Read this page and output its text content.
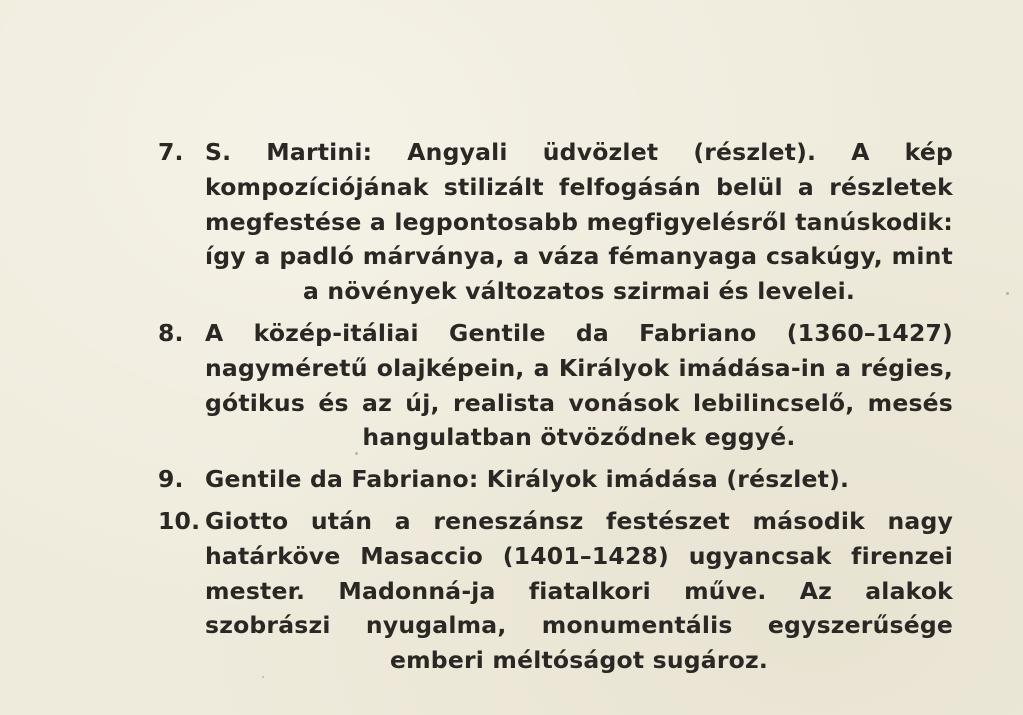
7. S. Martini: Angyali üdvözlet (részlet). A kép kompozíciójának stilizált felfogásán belül a részletek megfestése a legpontosabb megfigyelésről tanúskodik: így a padló márványa, a váza fémanyaga csakúgy, mint a növények változatos szirmai és levelei.
8. A közép-itáliai Gentile da Fabriano (1360–1427) nagyméretű olajképein, a Királyok imádása-in a régies, gótikus és az új, realista vonások lebilincselő, mesés hangulatban ötvöződnek eggyé.
9. Gentile da Fabriano: Királyok imádása (részlet).
10. Giotto után a reneszánsz festészet második nagy határköve Masaccio (1401–1428) ugyancsak firenzei mester. Madonná-ja fiatalkori műve. Az alakok szobrászi nyugalma, monumentális egyszerűsége emberi méltóságot sugároz.
